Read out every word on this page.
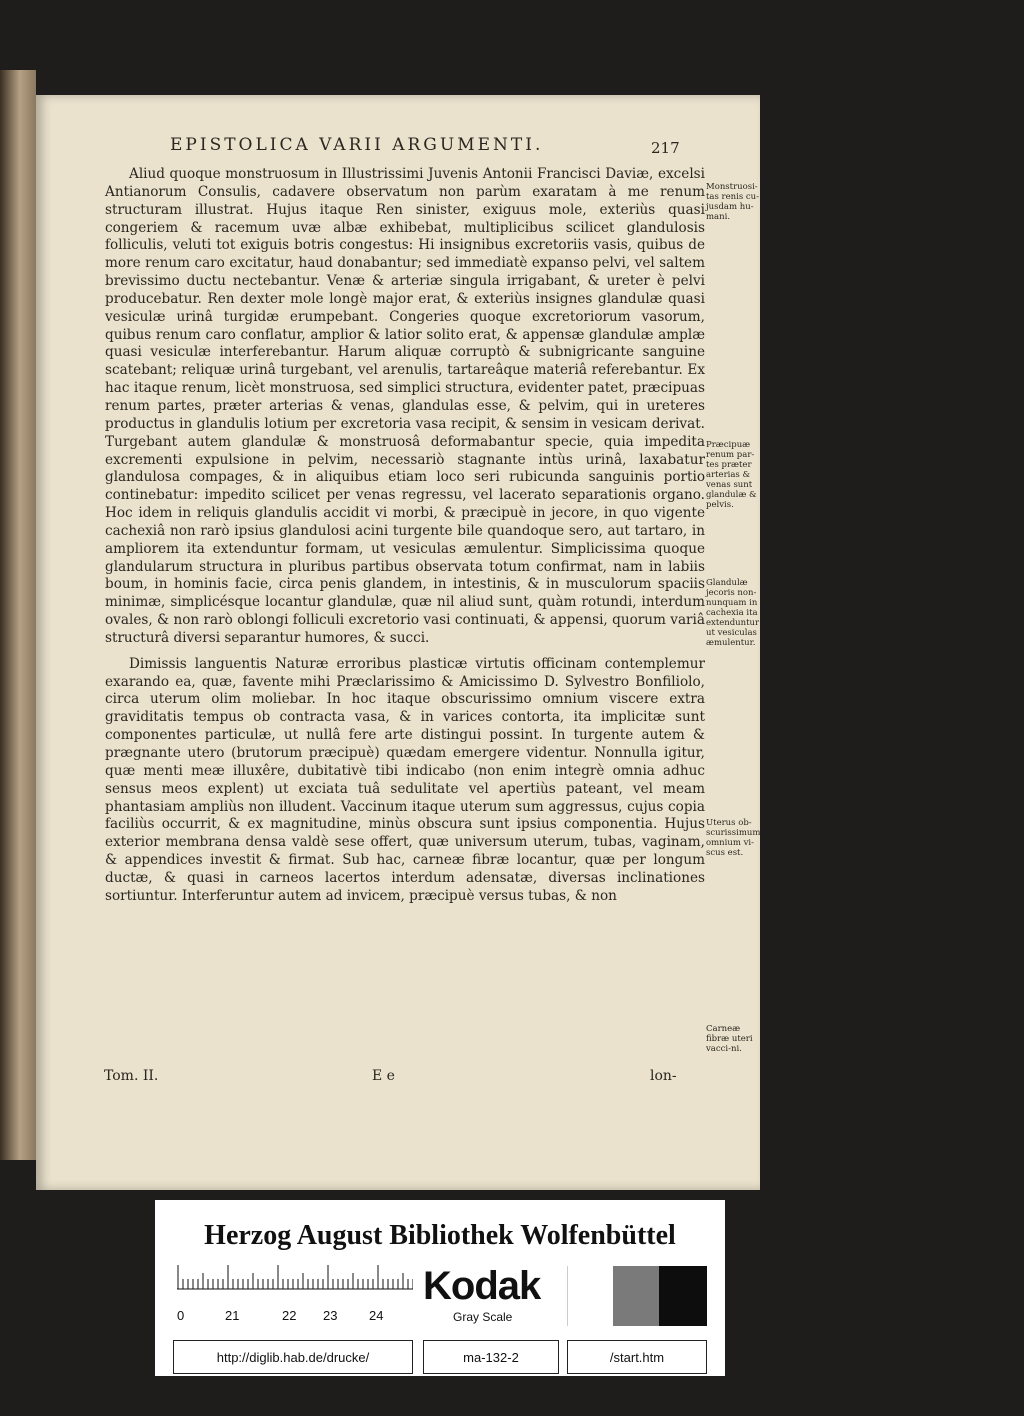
EPISTOLICA VARII ARGUMENTI.	217

Aliud quoque monstruosum in Illustrissimi Juvenis Antonii Francisci Daviæ, excelsi Antianorum Consulis, cadavere observatum non parùm exaratam à me renum structuram illustrat. Hujus itaque Ren sinister, exiguus mole, exteriùs quasi congeriem & racemum uvæ albæ exhibebat, multiplicibus scilicet glandulosis folliculis, veluti tot exiguis botris congestus: Hi insignibus excretoriis vasis, quibus de more renum caro excitatur, haud donabantur; sed immediatè expanso pelvi, vel saltem brevissimo ductu nectebantur. Venæ & arteriæ singula irrigabant, & ureter è pelvi producebatur. Ren dexter mole longè major erat, & exteriùs insignes glandulæ quasi vesiculæ urinâ turgidæ erumpebant. Congeries quoque excretoriorum vasorum, quibus renum caro conflatur, amplior & latior solito erat, & appensæ glandulæ amplæ quasi vesiculæ interferebantur. Harum aliquæ corruptò & subnigricante sanguine scatebant; reliquæ urinâ turgebant, vel arenulis, tartareâque materiâ referebantur. Ex hac itaque renum, licèt monstruosa, sed simplici structura, evidenter patet, præcipuas renum partes, præter arterias & venas, glandulas esse, & pelvim, qui in ureteres productus in glandulis lotium per excretoria vasa recipit, & sensim in vesicam derivat. Turgebant autem glandulæ & monstruosâ deformabantur specie, quia impedita excrementi expulsione in pelvim, necessariò stagnante intùs urinâ, laxabatur glandulosa compages, & in aliquibus etiam loco seri rubicunda sanguinis portio continebatur: impedito scilicet per venas regressu, vel lacerato separationis organo. Hoc idem in reliquis glandulis accidit vi morbi, & præcipuè in jecore, in quo vigente cachexiâ non rarò ipsius glandulosi acini turgente bile quandoque sero, aut tartaro, in ampliorem ita extenduntur formam, ut vesiculas æmulentur. Simplicissima quoque glandularum structura in pluribus partibus observata totum confirmat, nam in labiis boum, in hominis facie, circa penis glandem, in intestinis, & in musculorum spaciis minimæ, simplicésque locantur glandulæ, quæ nil aliud sunt, quàm rotundi, interdum ovales, & non rarò oblongi folliculi excretorio vasi continuati, & appensi, quorum variâ structurâ diversi separantur humores, & succi.

Dimissis languentis Naturæ erroribus plasticæ virtutis officinam contemplemur exarando ea, quæ, favente mihi Præclarissimo & Amicissimo D. Sylvestro Bonfiliolo, circa uterum olim moliebar. In hoc itaque obscurissimo omnium viscere extra graviditatis tempus ob contracta vasa, & in varices contorta, ita implicitæ sunt componentes particulæ, ut nullâ fere arte distingui possint. In turgente autem & prægnante utero (brutorum præcipuè) quædam emergere videntur. Nonnulla igitur, quæ menti meæ illuxêre, dubitativè tibi indicabo (non enim integrè omnia adhuc sensus meos explent) ut exciata tuâ sedulitate vel apertiùs pateant, vel meam phantasiam ampliùs non illudent. Vaccinum itaque uterum sum aggressus, cujus copia faciliùs occurrit, & ex magnitudine, minùs obscura sunt ipsius componentia. Hujus exterior membrana densa valdè sese offert, quæ universum uterum, tubas, vaginam, & appendices investit & firmat. Sub hac, carneæ fibræ locantur, quæ per longum ductæ, & quasi in carneos lacertos interdum adensatæ, diversas inclinationes sortiuntur. Interferuntur autem ad invicem, præcipuè versus tubas, & non

Monstruosi-tas renis cu-jusdam hu-mani.
Præcipuæ renum par-tes præter arterias & venas sunt glandulæ & pelvis.
Glandulæ jecoris non-nunquam in cachexia ita extenduntur ut vesiculas æmulentur.
Uterus ob-scurissimum omnium vi-scus est.
Carneæ fibræ uteri vacci-ni.
Tom. II.	E e	lon-
Herzog August Bibliothek Wolfenbüttel
0	21	22 23 24
Kodak
Gray Scale
http://diglib.hab.de/drucke/	ma-132-2	/start.htm
